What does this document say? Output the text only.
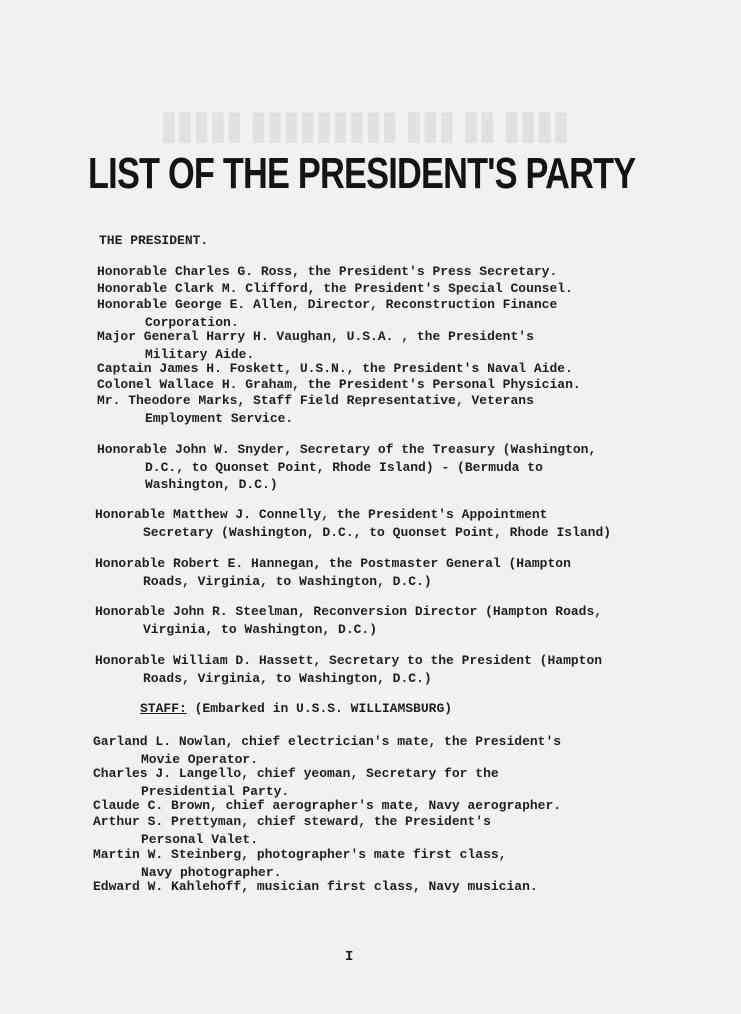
▮▮▮▮ ▮▮ ▮▮▮ ▮▮▮▮▮▮▮▮▮ ▮▮▮▮▮
LIST OF THE PRESIDENT'S PARTY

THE PRESIDENT.

Honorable Charles G. Ross, the President's Press Secretary.
Honorable Clark M. Clifford, the President's Special Counsel.
Honorable George E. Allen, Director, Reconstruction Finance
Corporation.
Major General Harry H. Vaughan, U.S.A. , the President's
Military Aide.
Captain James H. Foskett, U.S.N., the President's Naval Aide.
Colonel Wallace H. Graham, the President's Personal Physician.
Mr. Theodore Marks, Staff Field Representative, Veterans
Employment Service.
Honorable John W. Snyder, Secretary of the Treasury (Washington,
D.C., to Quonset Point, Rhode Island) - (Bermuda to
Washington, D.C.)
Honorable Matthew J. Connelly, the President's Appointment
Secretary (Washington, D.C., to Quonset Point, Rhode Island)
Honorable Robert E. Hannegan, the Postmaster General (Hampton
Roads, Virginia, to Washington, D.C.)
Honorable John R. Steelman, Reconversion Director (Hampton Roads,
Virginia, to Washington, D.C.)
Honorable William D. Hassett, Secretary to the President (Hampton
Roads, Virginia, to Washington, D.C.)

STAFF: (Embarked in U.S.S. WILLIAMSBURG)

Garland L. Nowlan, chief electrician's mate, the President's
Movie Operator.
Charles J. Langello, chief yeoman, Secretary for the
Presidential Party.
Claude C. Brown, chief aerographer's mate, Navy aerographer.
Arthur S. Prettyman, chief steward, the President's
Personal Valet.
Martin W. Steinberg, photographer's mate first class,
Navy photographer.
Edward W. Kahlehoff, musician first class, Navy musician.
I
